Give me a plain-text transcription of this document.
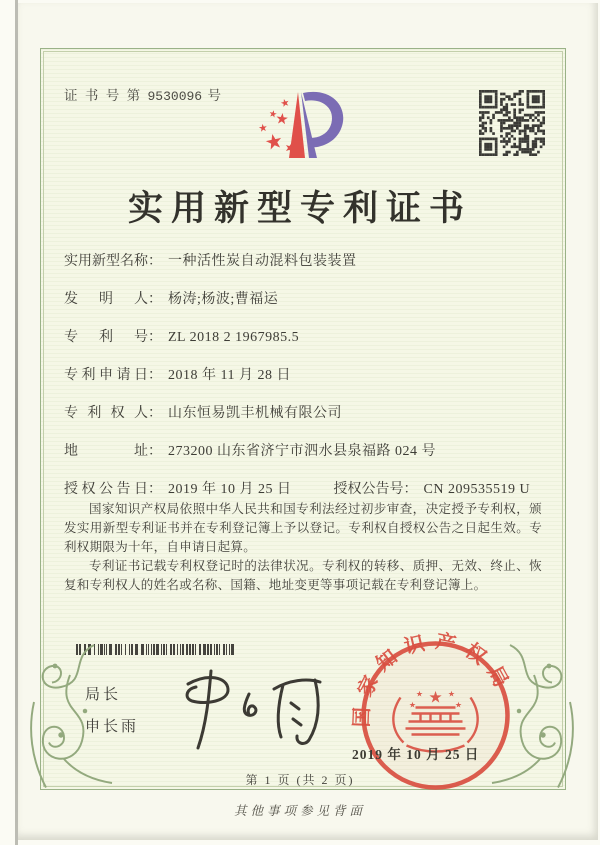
证 书 号 第 9530096 号
实用新型专利证书
实用新型名称： 一种活性炭自动混料包装装置
发明人： 杨涛;杨波;曹福运
专利号： ZL 2018 2 1967985.5
专利申请日： 2018 年 11 月 28 日
专利权人： 山东恒易凯丰机械有限公司
地址： 273200 山东省济宁市泗水县泉福路 024 号
授权公告日： 2019 年 10 月 25 日	授权公告号： CN 209535519 U

国家知识产权局依照中华人民共和国专利法经过初步审查，决定授予专利权，颁发实用新型专利证书并在专利登记簿上予以登记。专利权自授权公告之日起生效。专利权期限为十年，自申请日起算。

专利证书记载专利权登记时的法律状况。专利权的转移、质押、无效、终止、恢复和专利权人的姓名或名称、国籍、地址变更等事项记载在专利登记簿上。

局长
申长雨	国家知识产权局
★
★
★
★
★
2019 年 10 月 25 日
第 1 页 (共 2 页)
其他事项参见背面
